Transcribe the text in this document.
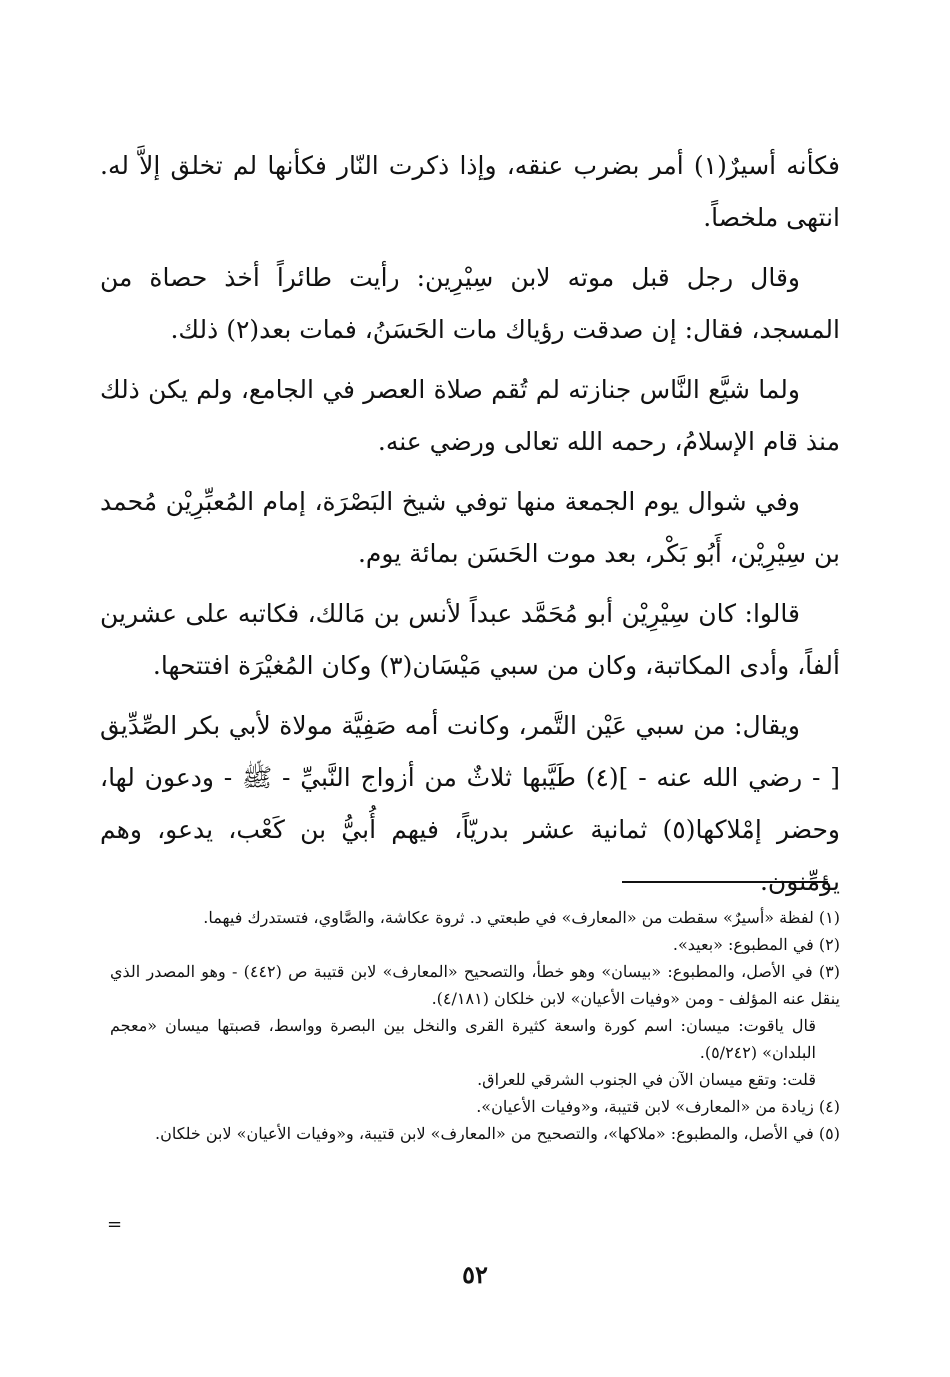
فكأنه أسيرٌ(١) أمر بضرب عنقه، وإذا ذكرت النّار فكأنها لم تخلق إلاَّ له. انتهى ملخصاً.

وقال رجل قبل موته لابن سِيْرِين: رأيت طائراً أخذ حصاة من المسجد، فقال: إن صدقت رؤياك مات الحَسَنُ، فمات بعد(٢) ذلك.

ولما شيَّع النَّاس جنازته لم تُقم صلاة العصر في الجامع، ولم يكن ذلك منذ قام الإسلامُ، رحمه الله تعالى ورضي عنه.

وفي شوال يوم الجمعة منها توفي شيخ البَصْرَة، إمام المُعبِّرِيْن مُحمد بن سِيْرِيْن، أَبُو بَكْر، بعد موت الحَسَن بمائة يوم.

قالوا: كان سِيْرِيْن أبو مُحَمَّد عبداً لأنس بن مَالك، فكاتبه على عشرين ألفاً، وأدى المكاتبة، وكان من سبي مَيْسَان(٣) وكان المُغيْرَة افتتحها.

ويقال: من سبي عَيْن التَّمر، وكانت أمه صَفِيَّة مولاة لأبي بكر الصِّدِّيق [ - رضي الله عنه - ](٤) طَيَّبها ثلاثٌ من أزواج النَّبيِّ - ﷺ - ودعون لها، وحضر إمْلاكها(٥) ثمانية عشر بدريّاً، فيهم أُبيُّ بن كَعْب، يدعو، وهم يؤمِّنون.

(١) لفظة «أسيرٌ» سقطت من «المعارف» في طبعتي د. ثروة عكاشة، والصَّاوي، فتستدرك فيهما.

(٢) في المطبوع: «بعيد».

(٣) في الأصل، والمطبوع: «بيسان» وهو خطأ، والتصحيح «المعارف» لابن قتيبة ص (٤٤٢) - وهو المصدر الذي ينقل عنه المؤلف - ومن «وفيات الأعيان» لابن خلكان (٤/١٨١).

قال ياقوت: ميسان: اسم كورة واسعة كثيرة القرى والنخل بين البصرة وواسط، قصبتها ميسان «معجم البلدان» (٥/٢٤٢).

قلت: وتقع ميسان الآن في الجنوب الشرقي للعراق.

(٤) زيادة من «المعارف» لابن قتيبة، و«وفيات الأعيان».

(٥) في الأصل، والمطبوع: «ملاكها»، والتصحيح من «المعارف» لابن قتيبة، و«وفيات الأعيان» لابن خلكان.

=
٥٢
